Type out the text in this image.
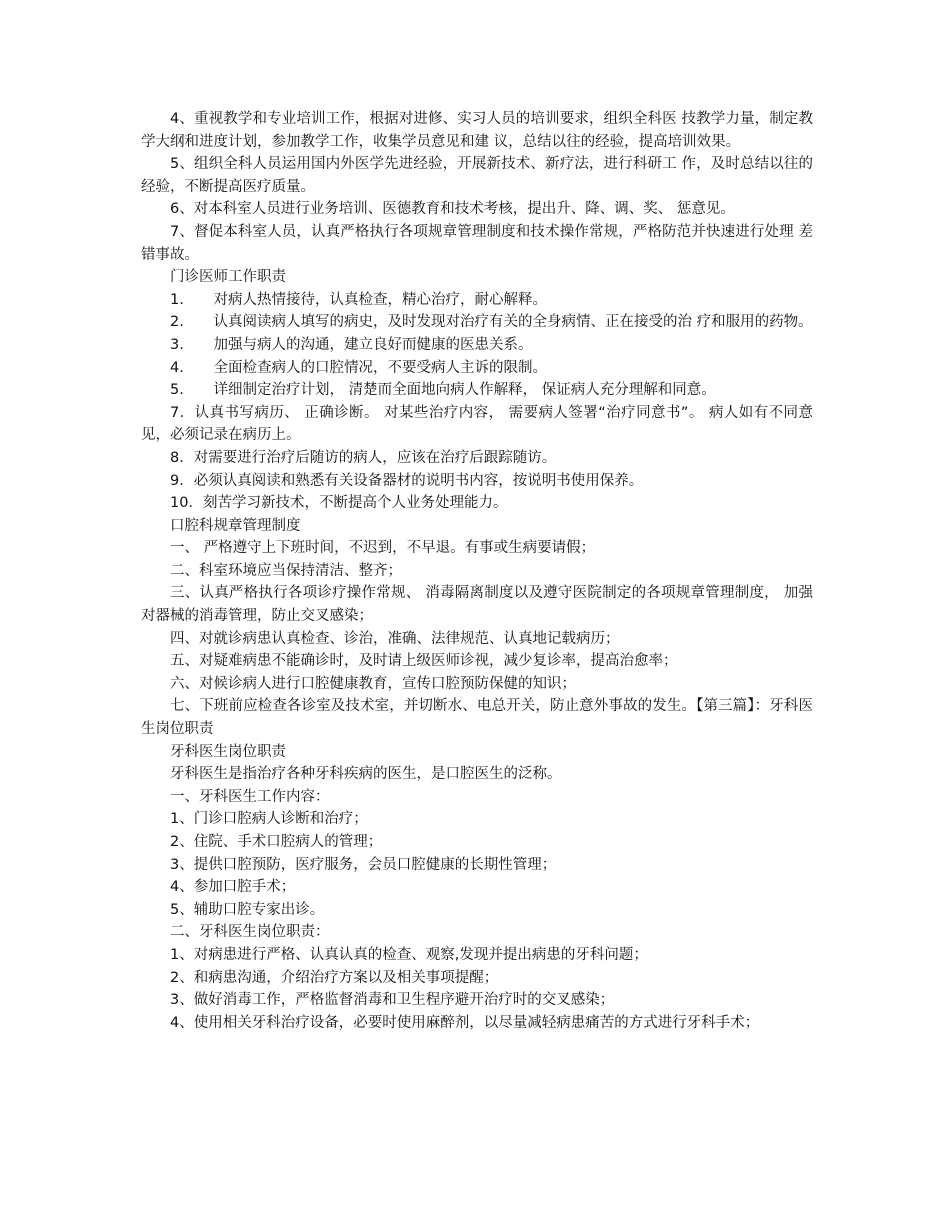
4、重视教学和专业培训工作，根据对进修、实习人员的培训要求，组织全科医 技教学力量，制定教学大纲和进度计划，参加教学工作，收集学员意见和建 议，总结以往的经验，提高培训效果。

5、组织全科人员运用国内外医学先进经验，开展新技术、新疗法，进行科研工 作，及时总结以往的经验，不断提高医疗质量。

6、对本科室人员进行业务培训、医德教育和技术考核，提出升、降、调、奖、 惩意见。

7、督促本科室人员，认真严格执行各项规章管理制度和技术操作常规，严格防范并快速进行处理 差错事故。

门诊医师工作职责

1.	对病人热情接待，认真检查，精心治疗，耐心解释。
2.	认真阅读病人填写的病史，及时发现对治疗有关的全身病情、正在接受的治 疗和服用的药物。
3.	加强与病人的沟通，建立良好而健康的医患关系。
4.	全面检查病人的口腔情况，不要受病人主诉的限制。
5.	详细制定治疗计划， 清楚而全面地向病人作解释， 保证病人充分理解和同意。

7．认真书写病历、 正确诊断。 对某些治疗内容， 需要病人签署“治疗同意书”。 病人如有不同意见，必须记录在病历上。

8．对需要进行治疗后随访的病人，应该在治疗后跟踪随访。

9．必须认真阅读和熟悉有关设备器材的说明书内容，按说明书使用保养。

10．刻苦学习新技术，不断提高个人业务处理能力。

口腔科规章管理制度

一、 严格遵守上下班时间，不迟到，不早退。有事或生病要请假；

二、科室环境应当保持清洁、整齐；

三、认真严格执行各项诊疗操作常规、 消毒隔离制度以及遵守医院制定的各项规章管理制度， 加强对器械的消毒管理，防止交叉感染；

四、对就诊病患认真检查、诊治，准确、法律规范、认真地记载病历；

五、对疑难病患不能确诊时，及时请上级医师诊视，减少复诊率，提高治愈率；

六、对候诊病人进行口腔健康教育，宣传口腔预防保健的知识；

七、下班前应检查各诊室及技术室，并切断水、电总开关，防止意外事故的发生。【第三篇】：牙科医生岗位职责

牙科医生岗位职责

牙科医生是指治疗各种牙科疾病的医生，是口腔医生的泛称。

一、牙科医生工作内容：

1、门诊口腔病人诊断和治疗；

2、住院、手术口腔病人的管理；

3、提供口腔预防，医疗服务，会员口腔健康的长期性管理；

4、参加口腔手术；

5、辅助口腔专家出诊。

二、牙科医生岗位职责：

1、对病患进行严格、认真认真的检查、观察,发现并提出病患的牙科问题；

2、和病患沟通，介绍治疗方案以及相关事项提醒；

3、做好消毒工作，严格监督消毒和卫生程序避开治疗时的交叉感染；

4、使用相关牙科治疗设备，必要时使用麻醉剂，以尽量减轻病患痛苦的方式进行牙科手术；
